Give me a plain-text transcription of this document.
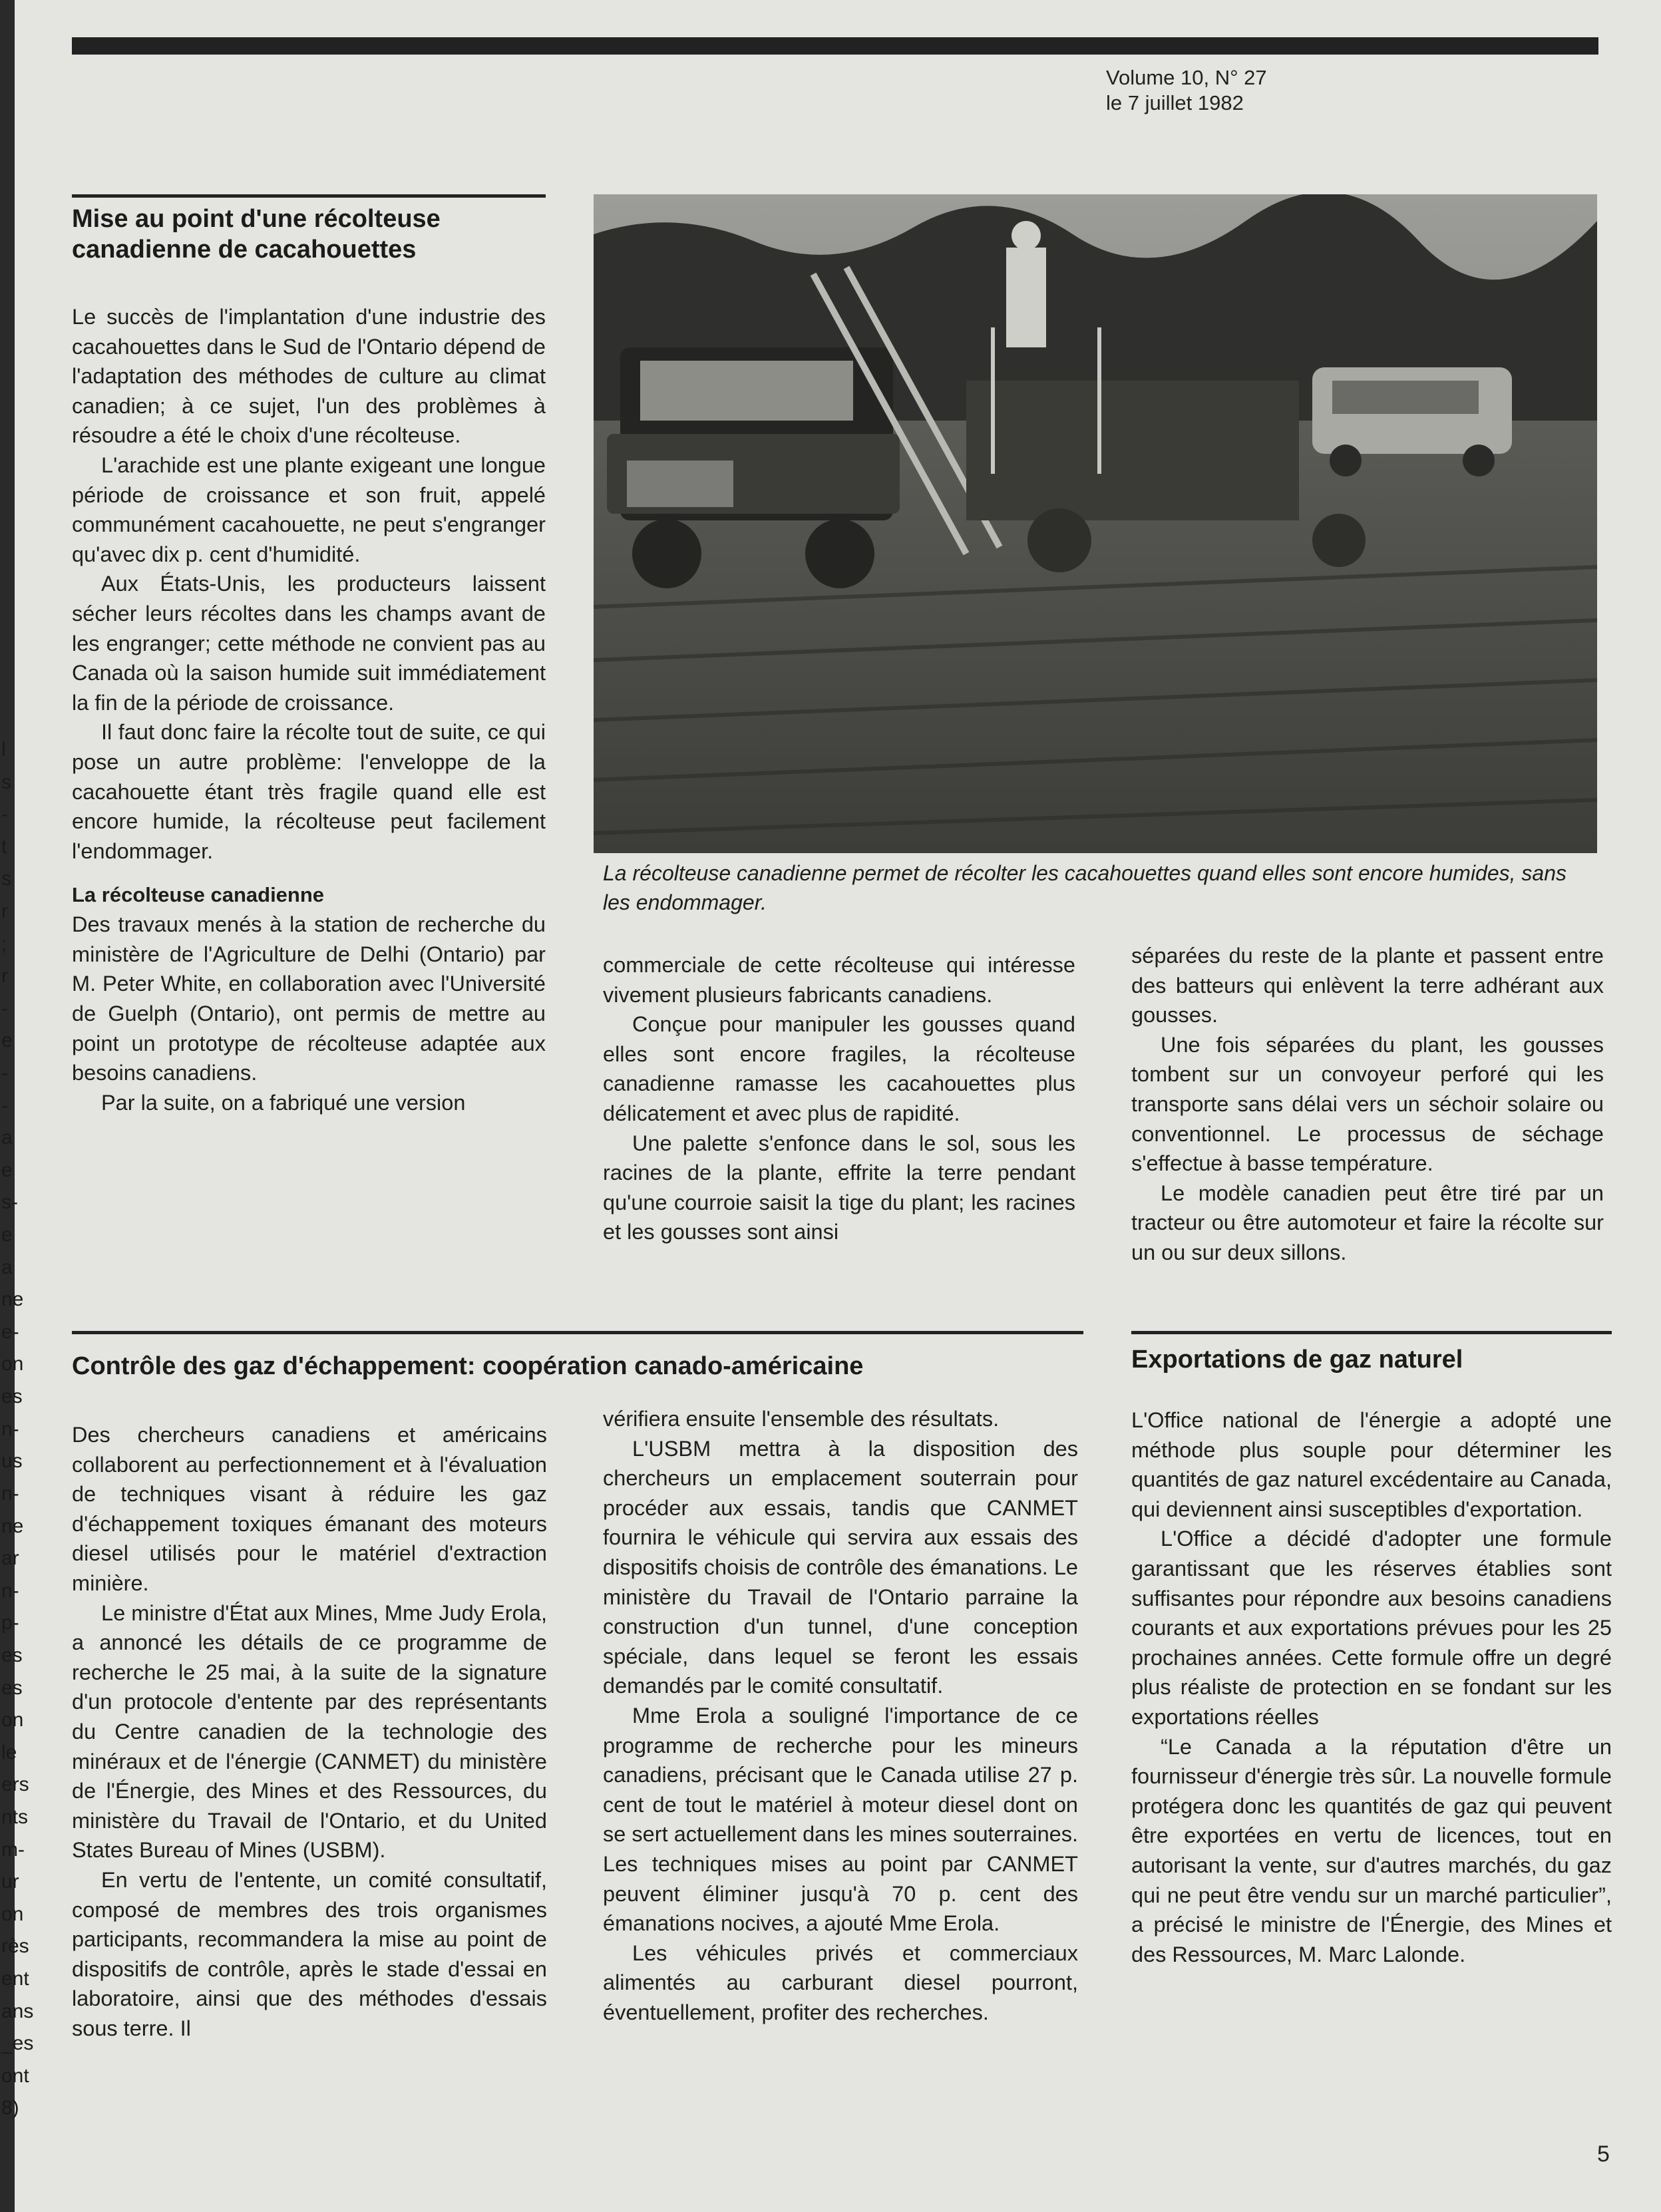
Volume 10, N° 27
le 7 juillet 1982
Mise au point d'une récolteuse canadienne de cacahouettes

Le succès de l'implantation d'une industrie des cacahouettes dans le Sud de l'Ontario dépend de l'adaptation des méthodes de culture au climat canadien; à ce sujet, l'un des problèmes à résoudre a été le choix d'une récolteuse.

L'arachide est une plante exigeant une longue période de croissance et son fruit, appelé communément cacahouette, ne peut s'engranger qu'avec dix p. cent d'humidité.

Aux États-Unis, les producteurs laissent sécher leurs récoltes dans les champs avant de les engranger; cette méthode ne convient pas au Canada où la saison humide suit immédiatement la fin de la période de croissance.

Il faut donc faire la récolte tout de suite, ce qui pose un autre problème: l'enveloppe de la cacahouette étant très fragile quand elle est encore humide, la récolteuse peut facilement l'endommager.

La récolteuse canadienne

Des travaux menés à la station de recherche du ministère de l'Agriculture de Delhi (Ontario) par M. Peter White, en collaboration avec l'Université de Guelph (Ontario), ont permis de mettre au point un prototype de récolteuse adaptée aux besoins canadiens.

Par la suite, on a fabriqué une version

La récolteuse canadienne permet de récolter les cacahouettes quand elles sont encore humides, sans les endommager.

commerciale de cette récolteuse qui intéresse vivement plusieurs fabricants canadiens.

Conçue pour manipuler les gousses quand elles sont encore fragiles, la récolteuse canadienne ramasse les cacahouettes plus délicatement et avec plus de rapidité.

Une palette s'enfonce dans le sol, sous les racines de la plante, effrite la terre pendant qu'une courroie saisit la tige du plant; les racines et les gousses sont ainsi

séparées du reste de la plante et passent entre des batteurs qui enlèvent la terre adhérant aux gousses.

Une fois séparées du plant, les gousses tombent sur un convoyeur perforé qui les transporte sans délai vers un séchoir solaire ou conventionnel. Le processus de séchage s'effectue à basse température.

Le modèle canadien peut être tiré par un tracteur ou être automoteur et faire la récolte sur un ou sur deux sillons.

Contrôle des gaz d'échappement: coopération canado-américaine

Des chercheurs canadiens et américains collaborent au perfectionnement et à l'évaluation de techniques visant à réduire les gaz d'échappement toxiques émanant des moteurs diesel utilisés pour le matériel d'extraction minière.

Le ministre d'État aux Mines, Mme Judy Erola, a annoncé les détails de ce programme de recherche le 25 mai, à la suite de la signature d'un protocole d'entente par des représentants du Centre canadien de la technologie des minéraux et de l'énergie (CANMET) du ministère de l'Énergie, des Mines et des Ressources, du ministère du Travail de l'Ontario, et du United States Bureau of Mines (USBM).

En vertu de l'entente, un comité consultatif, composé de membres des trois organismes participants, recommandera la mise au point de dispositifs de contrôle, après le stade d'essai en laboratoire, ainsi que des méthodes d'essais sous terre. Il

vérifiera ensuite l'ensemble des résultats.

L'USBM mettra à la disposition des chercheurs un emplacement souterrain pour procéder aux essais, tandis que CANMET fournira le véhicule qui servira aux essais des dispositifs choisis de contrôle des émanations. Le ministère du Travail de l'Ontario parraine la construction d'un tunnel, d'une conception spéciale, dans lequel se feront les essais demandés par le comité consultatif.

Mme Erola a souligné l'importance de ce programme de recherche pour les mineurs canadiens, précisant que le Canada utilise 27 p. cent de tout le matériel à moteur diesel dont on se sert actuellement dans les mines souterraines. Les techniques mises au point par CANMET peuvent éliminer jusqu'à 70 p. cent des émanations nocives, a ajouté Mme Erola.

Les véhicules privés et commerciaux alimentés au carburant diesel pourront, éventuellement, profiter des recherches.

Exportations de gaz naturel

L'Office national de l'énergie a adopté une méthode plus souple pour déterminer les quantités de gaz naturel excédentaire au Canada, qui deviennent ainsi susceptibles d'exportation.

L'Office a décidé d'adopter une formule garantissant que les réserves établies sont suffisantes pour répondre aux besoins canadiens courants et aux exportations prévues pour les 25 prochaines années. Cette formule offre un degré plus réaliste de protection en se fondant sur les exportations réelles

“Le Canada a la réputation d'être un fournisseur d'énergie très sûr. La nouvelle formule protégera donc les quantités de gaz qui peuvent être exportées en vertu de licences, tout en autorisant la vente, sur d'autres marchés, du gaz qui ne peut être vendu sur un marché particulier”, a précisé le ministre de l'Énergie, des Mines et des Ressources, M. Marc Lalonde.

5
l
s
-
t
s
r
;
r
-
e
-
-
a
e
s-
e
a
ne
e-
on
es
n-
us
n-
ne
ar
n-
p-
es
es
on
le
ers
nts
m-
ur
on
rès
ent
ans
_es
ont
8)
